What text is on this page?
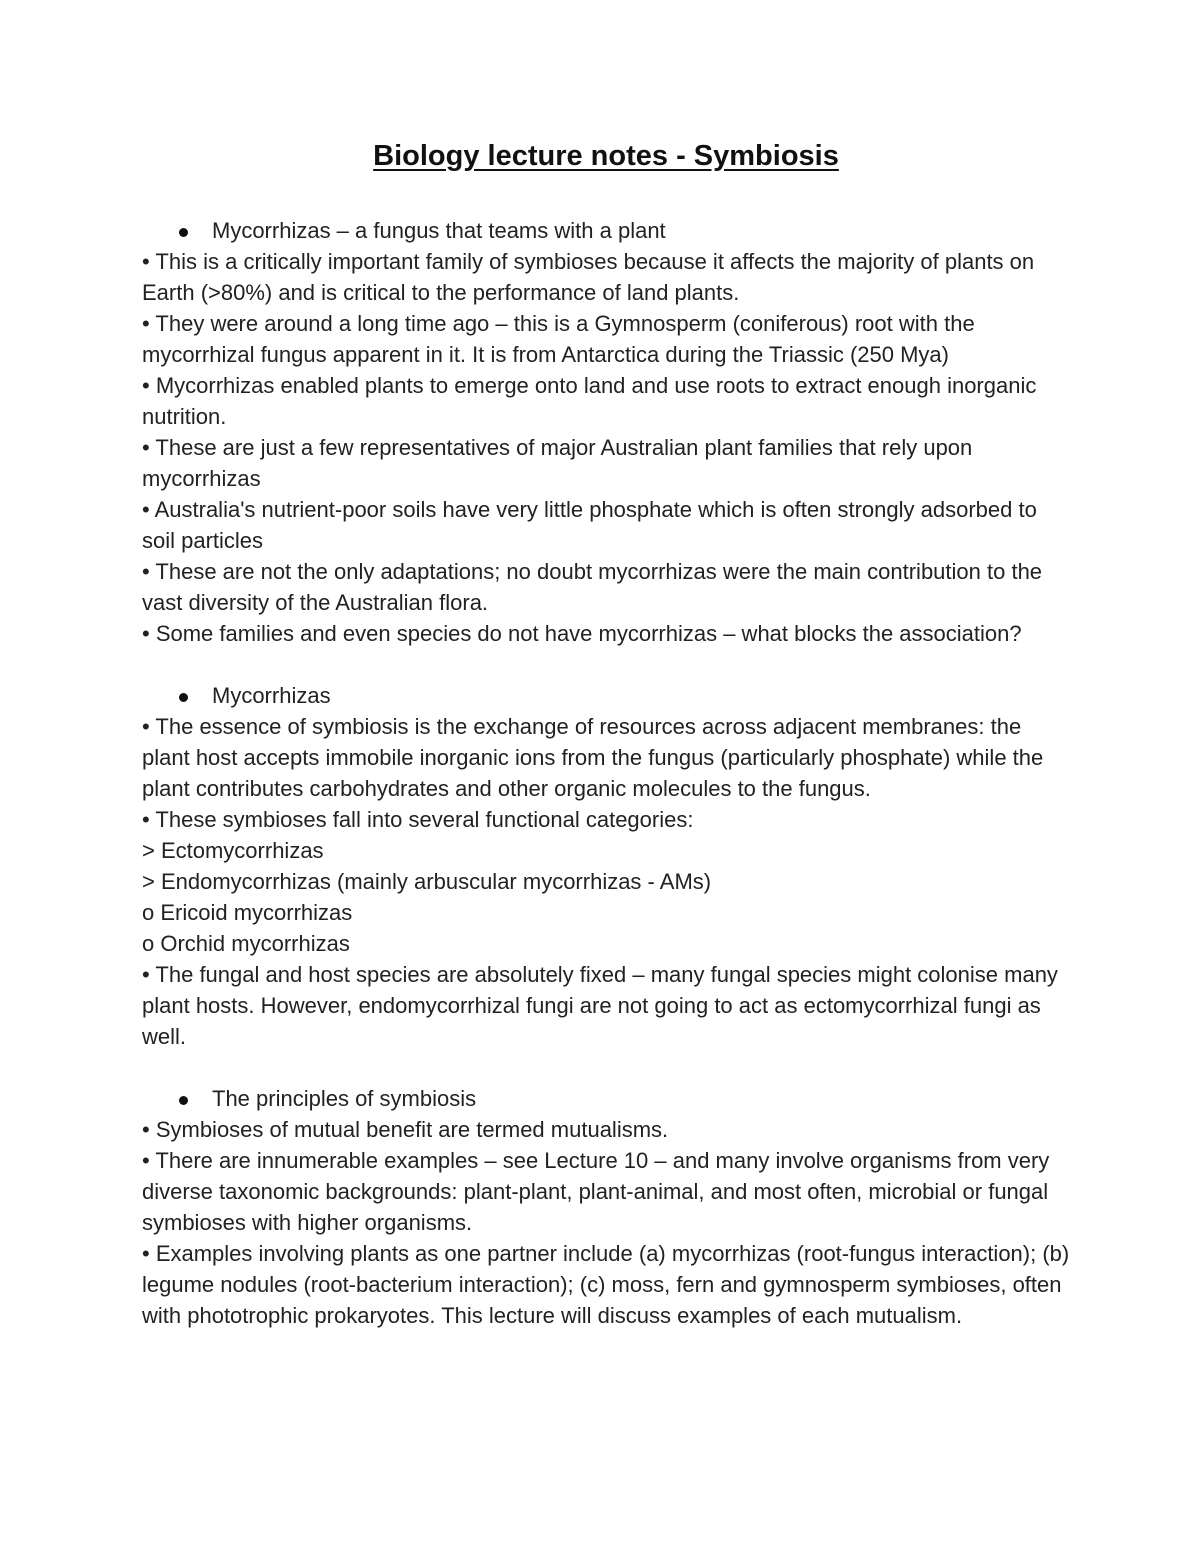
Biology lecture notes - Symbiosis
Mycorrhizas – a fungus that teams with a plant

• This is a critically important family of symbioses because it affects the majority of plants on Earth (>80%) and is critical to the performance of land plants.

• They were around a long time ago – this is a Gymnosperm (coniferous) root with the mycorrhizal fungus apparent in it. It is from Antarctica during the Triassic (250 Mya)

• Mycorrhizas enabled plants to emerge onto land and use roots to extract enough inorganic nutrition.

• These are just a few representatives of major Australian plant families that rely upon mycorrhizas

• Australia's nutrient-poor soils have very little phosphate which is often strongly adsorbed to soil particles

• These are not the only adaptations; no doubt mycorrhizas were the main contribution to the vast diversity of the Australian flora.

• Some families and even species do not have mycorrhizas – what blocks the association?

Mycorrhizas

• The essence of symbiosis is the exchange of resources across adjacent membranes: the plant host accepts immobile inorganic ions from the fungus (particularly phosphate) while the plant contributes carbohydrates and other organic molecules to the fungus.

• These symbioses fall into several functional categories:

> Ectomycorrhizas

> Endomycorrhizas (mainly arbuscular mycorrhizas - AMs)

o Ericoid mycorrhizas

o Orchid mycorrhizas

• The fungal and host species are absolutely fixed – many fungal species might colonise many plant hosts. However, endomycorrhizal fungi are not going to act as ectomycorrhizal fungi as well.

The principles of symbiosis

• Symbioses of mutual benefit are termed mutualisms.

• There are innumerable examples – see Lecture 10 – and many involve organisms from very diverse taxonomic backgrounds: plant-plant, plant-animal, and most often, microbial or fungal symbioses with higher organisms.

• Examples involving plants as one partner include (a) mycorrhizas (root-fungus interaction); (b) legume nodules (root-bacterium interaction); (c) moss, fern and gymnosperm symbioses, often with phototrophic prokaryotes. This lecture will discuss examples of each mutualism.
